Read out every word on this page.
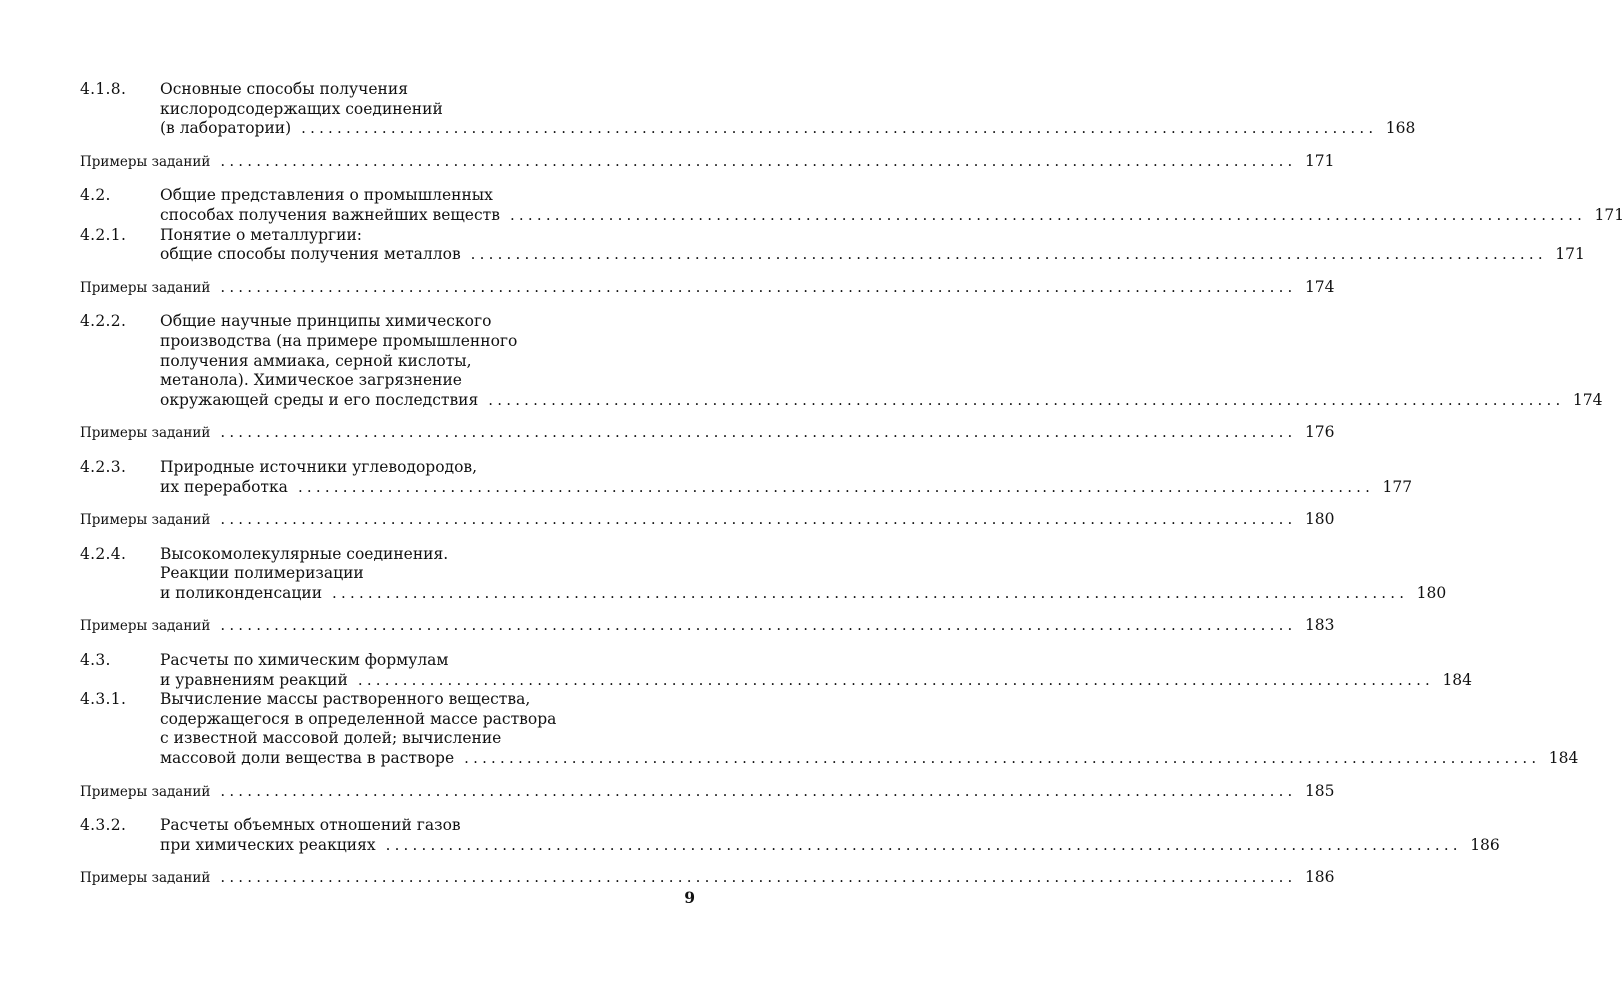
4.1.8. Основные способы получения
кислородсодержащих соединений
(в лаборатории) ........................................................................................................................ 168
Примеры заданий ........................................................................................................................ 171
4.2.	Общие представления о промышленных
способах получения важнейших веществ ........................................................................................................................ 171
4.2.1. Понятие о металлургии:
общие способы получения металлов ........................................................................................................................ 171
Примеры заданий ........................................................................................................................ 174
4.2.2. Общие научные принципы химического
производства (на примере промышленного
получения аммиака, серной кислоты,
метанола). Химическое загрязнение
окружающей среды и его последствия ........................................................................................................................ 174
Примеры заданий ........................................................................................................................ 176
4.2.3. Природные источники углеводородов,
их переработка ........................................................................................................................ 177
Примеры заданий ........................................................................................................................ 180
4.2.4. Высокомолекулярные соединения.
Реакции полимеризации
и поликонденсации ........................................................................................................................ 180
Примеры заданий ........................................................................................................................ 183
4.3.	Расчеты по химическим формулам
и уравнениям реакций ........................................................................................................................ 184
4.3.1. Вычисление массы растворенного вещества,
содержащегося в определенной массе раствора
с известной массовой долей; вычисление
массовой доли вещества в растворе ........................................................................................................................ 184
Примеры заданий ........................................................................................................................ 185
4.3.2. Расчеты объемных отношений газов
при химических реакциях ........................................................................................................................ 186
Примеры заданий ........................................................................................................................ 186
9
